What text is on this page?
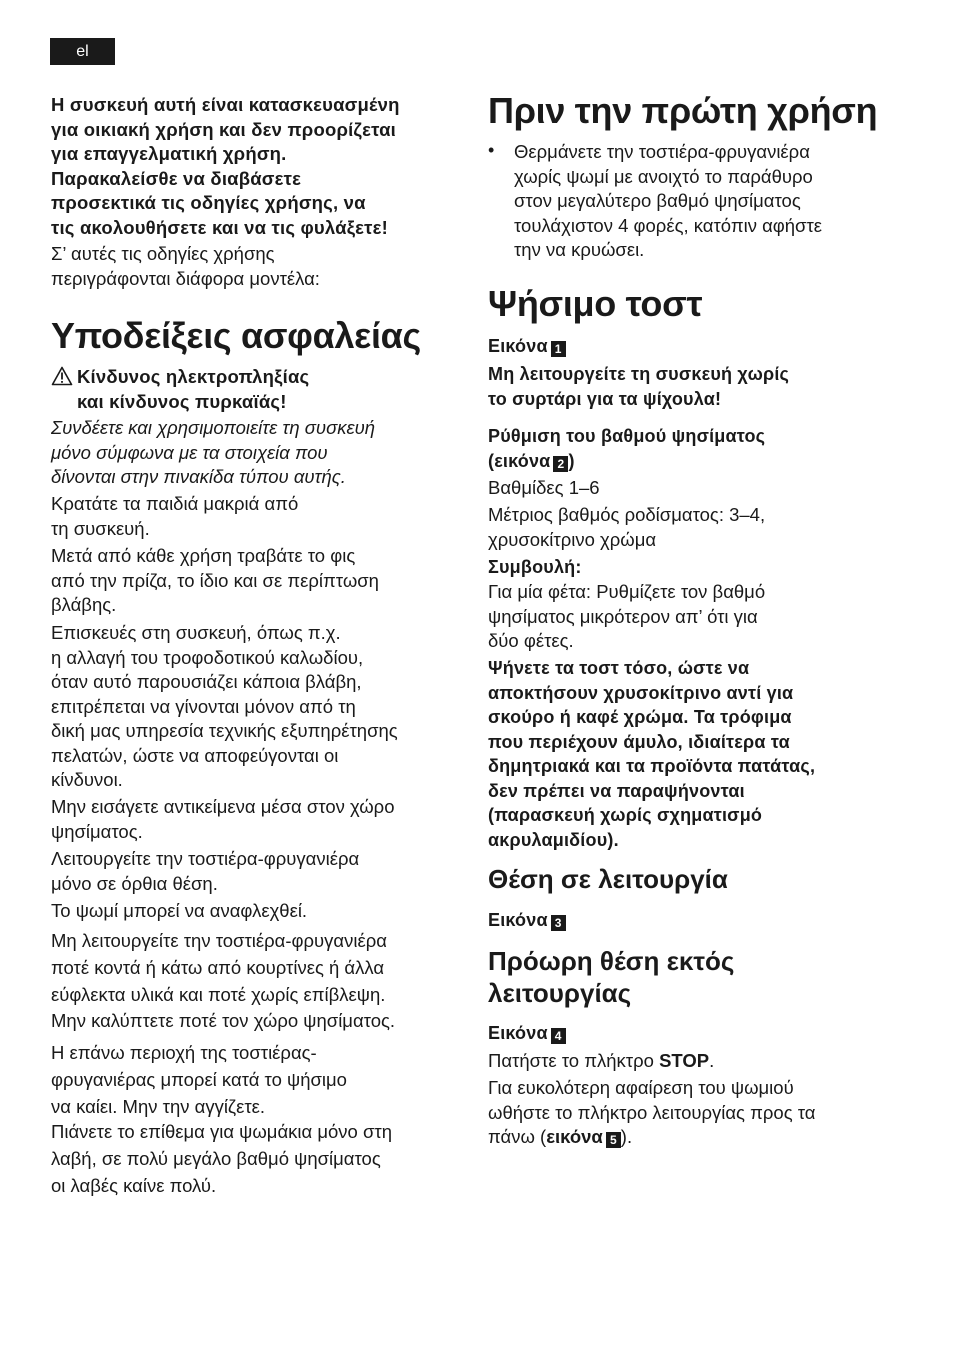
el

Η συσκευή αυτή είναι κατασκευασμένη

για οικιακή χρήση και δεν προορίζεται

για επαγγελματική χρήση.

Παρακαλείσθε να διαβάσετε

προσεκτικά τις οδηγίες χρήσης, να

τις ακολουθήσετε και να τις φυλάξετε!

Σ’ αυτές τις οδηγίες χρήσης

περιγράφονται διάφορα μοντέλα:

Υποδείξεις ασφαλείας

Κίνδυνος ηλεκτροπληξίας

και κίνδυνος πυρκαϊάς!

Συνδέετε και χρησιμοποιείτε τη συσκευή

μόνο σύμφωνα με τα στοιχεία που

δίνονται στην πινακίδα τύπου αυτής.

Κρατάτε τα παιδιά μακριά από

τη συσκευή.

Μετά από κάθε χρήση τραβάτε το φις

από την πρίζα, το ίδιο και σε περίπτωση

βλάβης.

Επισκευές στη συσκευή, όπως π.χ.

η αλλαγή του τροφοδοτικού καλωδίου,

όταν αυτό παρουσιάζει κάποια βλάβη,

επιτρέπεται να γίνονται μόνον από τη

δική μας υπηρεσία τεχνικής εξυπηρέτησης

πελατών, ώστε να αποφεύγονται οι

κίνδυνοι.

Μην εισάγετε αντικείμενα μέσα στον χώρο

ψησίματος.

Λειτουργείτε την τοστιέρα-φρυγανιέρα

μόνο σε όρθια θέση.

Το ψωμί μπορεί να αναφλεχθεί.

Μη λειτουργείτε την τοστιέρα-φρυγανιέρα

ποτέ κοντά ή κάτω από κουρτίνες ή άλλα

εύφλεκτα υλικά και ποτέ χωρίς επίβλεψη.

Μην καλύπτετε ποτέ τον χώρο ψησίματος.

Η επάνω περιοχή της τοστιέρας-

φρυγανιέρας μπορεί κατά το ψήσιμο

να καίει. Μην την αγγίζετε.

Πιάνετε το επίθεμα για ψωμάκια μόνο στη

λαβή, σε πολύ μεγάλο βαθμό ψησίματος

οι λαβές καίνε πολύ.

Πριν την πρώτη χρήση
•	Θερμάνετε την τοστιέρα-φρυγανιέρα

χωρίς ψωμί με ανοιχτό το παράθυρο

στον μεγαλύτερο βαθμό ψησίματος

τουλάχιστον 4 φορές, κατόπιν αφήστε

την να κρυώσει.

Ψήσιμο τοστ

Εικόνα 1

Μη λειτουργείτε τη συσκευή χωρίς

το συρτάρι για τα ψίχουλα!

Ρύθμιση του βαθμού ψησίματος

(εικόνα 2 )

Βαθμίδες 1–6

Μέτριος βαθμός ροδίσματος: 3–4,

χρυσοκίτρινο χρώμα

Συμβουλή:

Για μία φέτα: Ρυθμίζετε τον βαθμό

ψησίματος μικρότερον απ’ ότι για

δύο φέτες.

Ψήνετε τα τοστ τόσο, ώστε να

αποκτήσουν χρυσοκίτρινο αντί για

σκούρο ή καφέ χρώμα. Τα τρόφιμα

που περιέχουν άμυλο, ιδιαίτερα τα

δημητριακά και τα προϊόντα πατάτας,

δεν πρέπει να παραψήνονται

(παρασκευή χωρίς σχηματισμό

ακρυλαμιδίου).

Θέση σε λειτουργία

Εικόνα 3

Πρόωρη θέση εκτός
λειτουργίας

Εικόνα 4

Πατήστε το πλήκτρο STOP.

Για ευκολότερη αφαίρεση του ψωμιού

ωθήστε το πλήκτρο λειτουργίας προς τα

πάνω (εικόνα 5 ).
